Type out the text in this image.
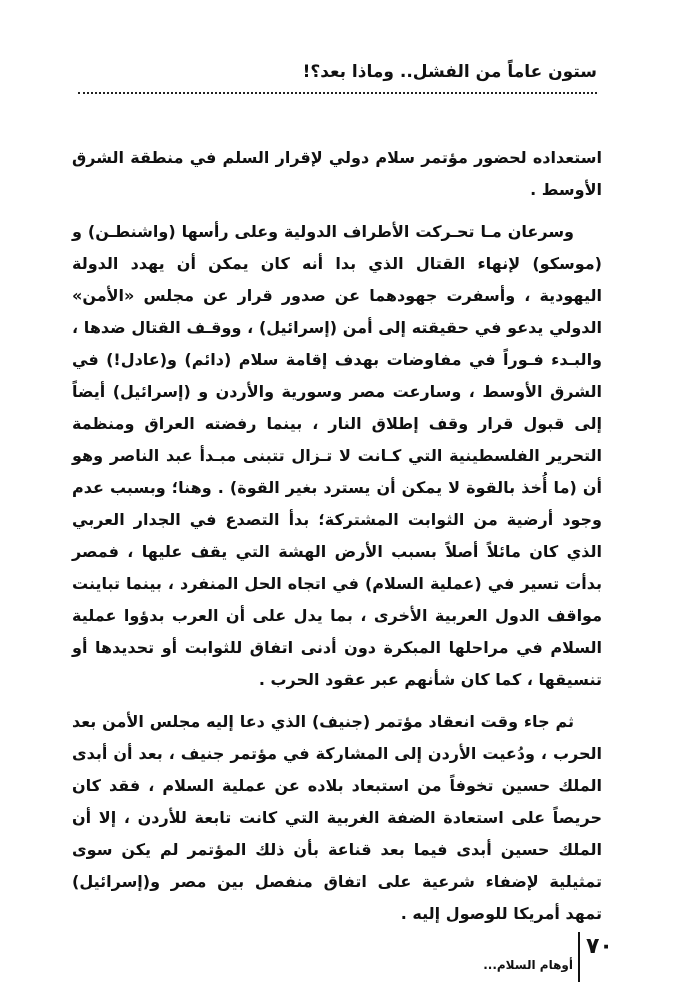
ستون عاماً من الفشل.. وماذا بعد؟!

استعداده لحضور مؤتمر سلام دولي لإقرار السلم في منطقة الشرق الأوسط .

وسرعان مـا تحـركت الأطراف الدولية وعلى رأسها (واشنطـن) و (موسكو) لإنهاء القتال الذي بدا أنه كان يمكن أن يهدد الدولة اليهودية ، وأسفرت جهودهما عن صدور قرار عن مجلس «الأمن» الدولي يدعو في حقيقته إلى أمن (إسرائيل) ، ووقـف القتال ضدها ، والبـدء فـوراً في مفاوضات بهدف إقامة سلام (دائم) و(عادل!) في الشرق الأوسط ، وسارعت مصر وسورية والأردن و (إسرائيل) أيضاً إلى قبول قرار وقف إطلاق النار ، بينما رفضته العراق ومنظمة التحرير الفلسطينية التي كـانت لا تـزال تتبنى مبـدأ عبد الناصر وهو أن (ما أُخذ بالقوة لا يمكن أن يسترد بغير القوة) . وهنا؛ وبسبب عدم وجود أرضية من الثوابت المشتركة؛ بدأ التصدع في الجدار العربي الذي كان مائلاً أصلاً بسبب الأرض الهشة التي يقف عليها ، فمصر بدأت تسير في (عملية السلام) في اتجاه الحل المنفرد ، بينما تباينت مواقف الدول العربية الأخرى ، بما يدل على أن العرب بدؤوا عملية السلام في مراحلها المبكرة دون أدنى اتفاق للثوابت أو تحديدها أو تنسيقها ، كما كان شأنهم عبر عقود الحرب .

ثم جاء وقت انعقاد مؤتمر (جنيف) الذي دعا إليه مجلس الأمن بعد الحرب ، ودُعيت الأردن إلى المشاركة في مؤتمر جنيف ، بعد أن أبدى الملك حسين تخوفاً من استبعاد بلاده عن عملية السلام ، فقد كان حريصاً على استعادة الضفة الغربية التي كانت تابعة للأردن ، إلا أن الملك حسين أبدى فيما بعد قناعة بأن ذلك المؤتمر لم يكن سوى تمثيلية لإضفاء شرعية على اتفاق منفصل بين مصر و(إسرائيل) تمهد أمريكا للوصول إليه .

٧٠
أوهام السلام...
